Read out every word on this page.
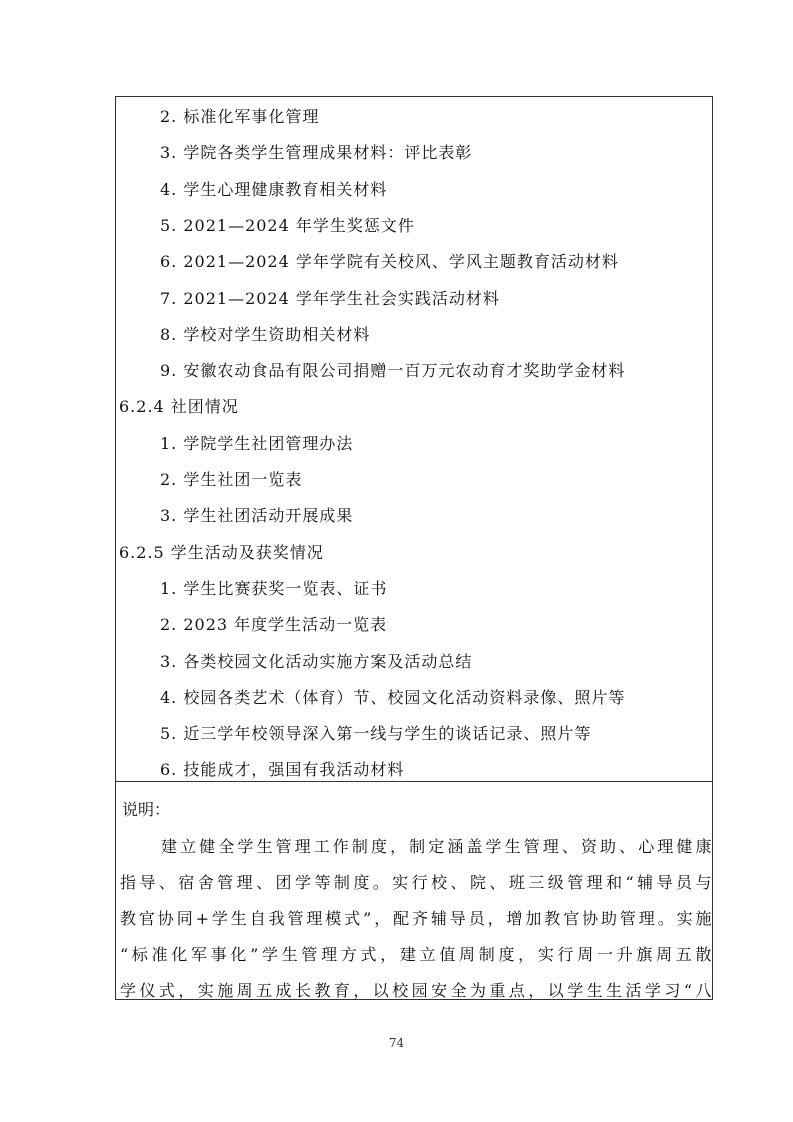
2. 标准化军事化管理
3. 学院各类学生管理成果材料：评比表彰
4. 学生心理健康教育相关材料
5. 2021—2024 年学生奖惩文件
6. 2021—2024 学年学院有关校风、学风主题教育活动材料
7. 2021—2024 学年学生社会实践活动材料
8. 学校对学生资助相关材料
9. 安徽农动食品有限公司捐赠一百万元农动育才奖助学金材料
6.2.4 社团情况
1. 学院学生社团管理办法
2. 学生社团一览表
3. 学生社团活动开展成果
6.2.5 学生活动及获奖情况
1. 学生比赛获奖一览表、证书
2. 2023 年度学生活动一览表
3. 各类校园文化活动实施方案及活动总结
4. 校园各类艺术（体育）节、校园文化活动资料录像、照片等
5. 近三学年校领导深入第一线与学生的谈话记录、照片等
6. 技能成才，强国有我活动材料
说明：

建立健全学生管理工作制度，制定涵盖学生管理、资助、心理健康

指导、宿舍管理、团学等制度。实行校、院、班三级管理和“辅导员与

教官协同+学生自我管理模式”，配齐辅导员，增加教官协助管理。实施

“标准化军事化”学生管理方式，建立值周制度，实行周一升旗周五散

学仪式，实施周五成长教育，以校园安全为重点，以学生生活学习“八

74
